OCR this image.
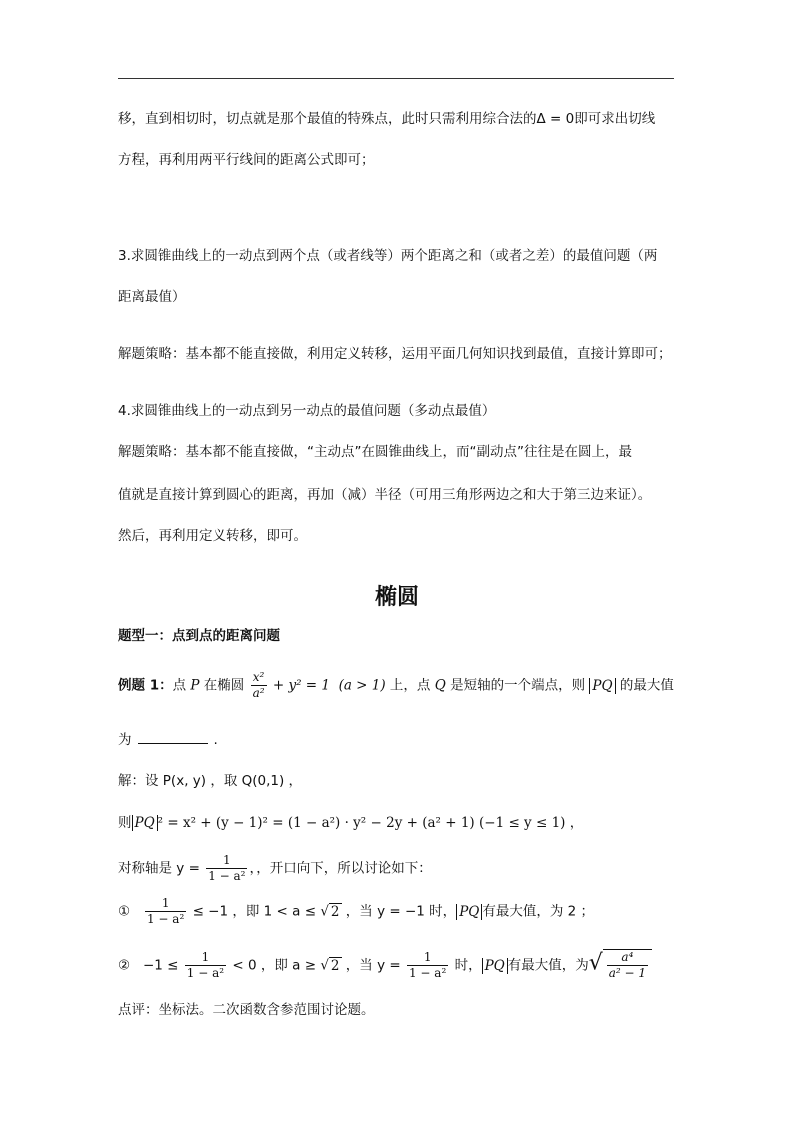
移，直到相切时，切点就是那个最值的特殊点，此时只需利用综合法的Δ = 0即可求出切线
方程，再利用两平行线间的距离公式即可；
3.求圆锥曲线上的一动点到两个点（或者线等）两个距离之和（或者之差）的最值问题（两
距离最值）
解题策略：基本都不能直接做，利用定义转移，运用平面几何知识找到最值，直接计算即可；
4.求圆锥曲线上的一动点到另一动点的最值问题（多动点最值）
解题策略：基本都不能直接做，“主动点”在圆锥曲线上，而“副动点”往往是在圆上，最
值就是直接计算到圆心的距离，再加（减）半径（可用三角形两边之和大于第三边来证）。
然后，再利用定义转移，即可。
椭圆
题型一：点到点的距离问题
例题 1：点 P 在椭圆 $\frac{\text{x²}}{\text{a²}} + y^2 = 1$ (a > 1) 上，点 Q 是短轴的一个端点，则 PQ 的最大值
为	.
解：设 P(x, y) ，取 Q(0,1) ，
则 PQ ² = x² + (y − 1)² = (1 − a²) · y² − 2y + (a² + 1) (−1 ≤ y ≤ 1) ，
对称轴是 $y = \frac{1}{\text{1 − a²}}$ ，，开口向下，所以讨论如下：
① $\frac{1}{\text{1 − a²}} \le -1$ ，即 1 < a ≤ √ 2 ，当 y = −1 时， PQ 有最大值，为 2 ；
② $-1 \le \frac{1}{\text{1 − a²}} < 0$ ，即 a ≥ √ 2 ，当 $y = \frac{1}{\text{1 − a²}}$ 时， PQ 有最大值，为√ $\frac{\text{a⁴}}{\text{a² − 1}}$
点评：坐标法。二次函数含参范围讨论题。
